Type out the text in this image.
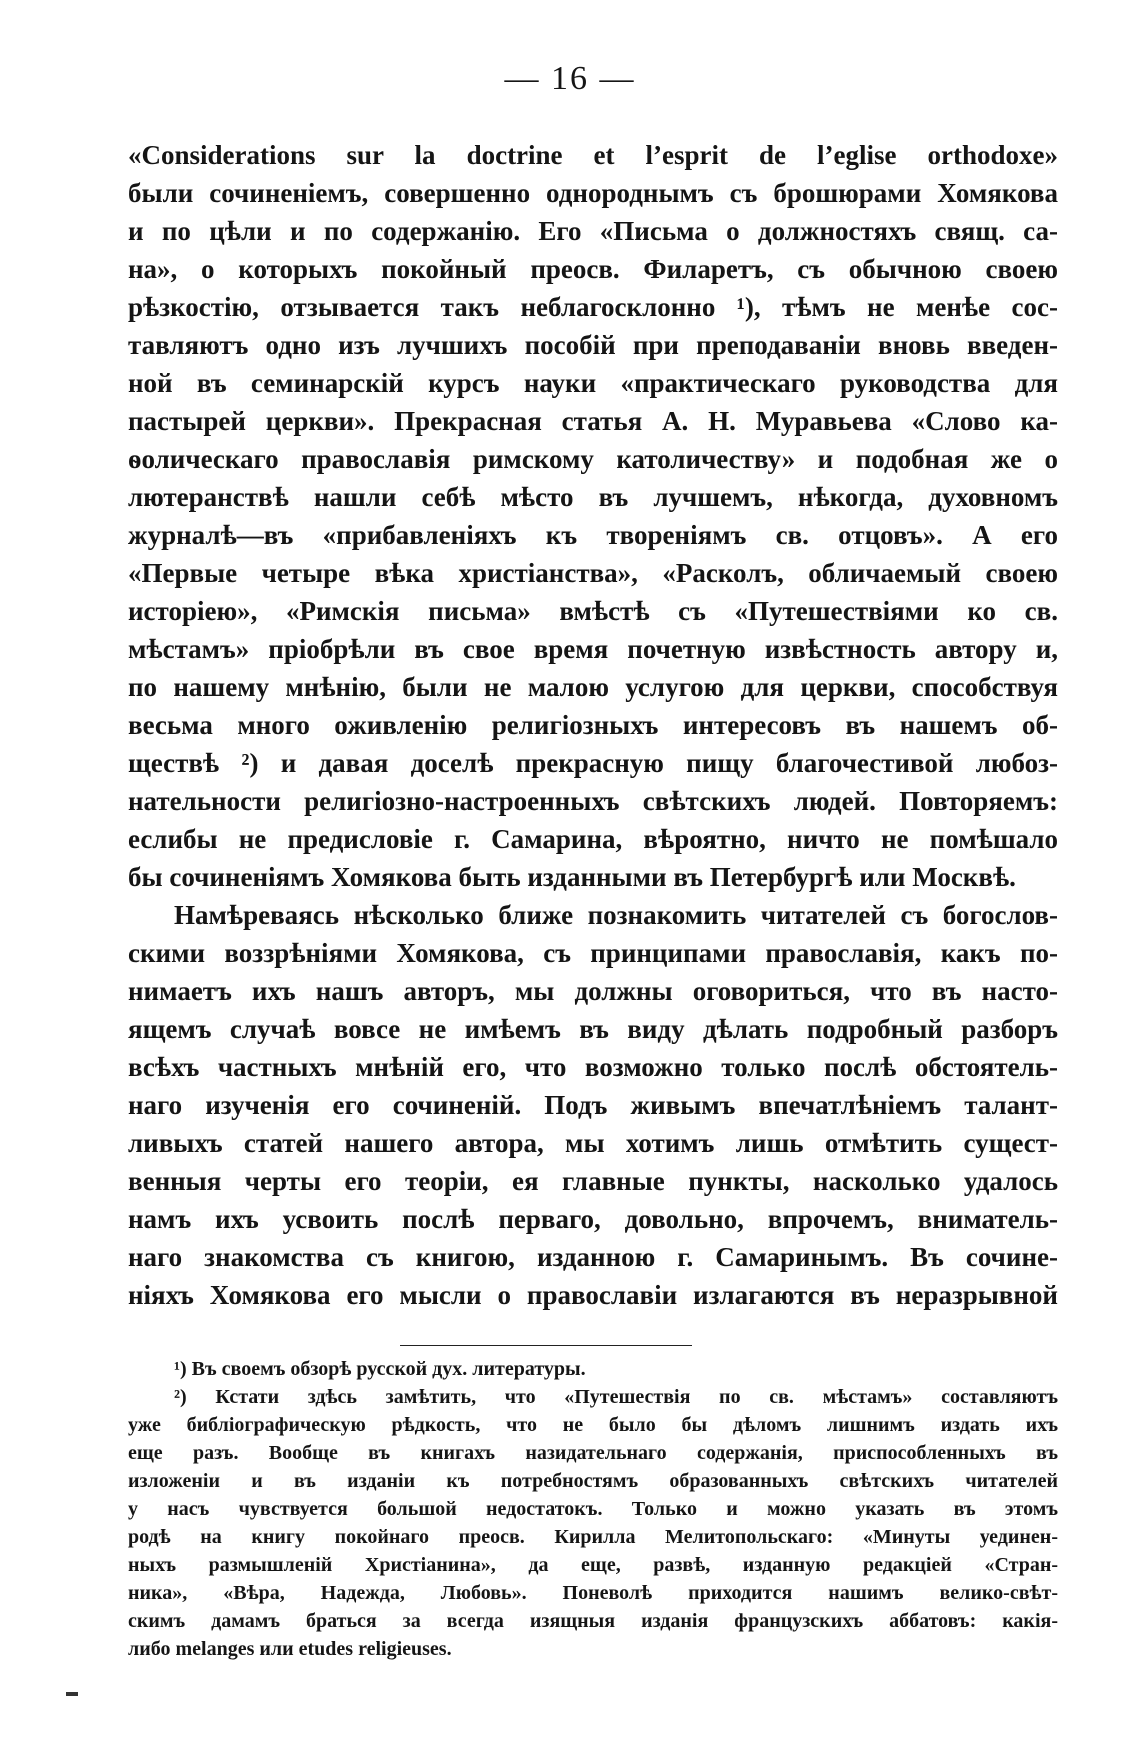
— 16 —
«Considerations sur la doctrine et l’esprit de l’eglise orthodoxe»
были сочиненіемъ, совершенно однороднымъ съ брошюрами Хомякова
и по цѣли и по содержанію. Его «Письма о должностяхъ свящ. са-
на», о которыхъ покойный преосв. Филаретъ, съ обычною своею
рѣзкостію, отзывается такъ неблагосклонно ¹), тѣмъ не менѣе сос-
тавляютъ одно изъ лучшихъ пособій при преподаваніи вновь введен-
ной въ семинарскій курсъ науки «практическаго руководства для
пастырей церкви». Прекрасная статья А. Н. Муравьева «Слово ка-
ѳолическаго православія римскому католичеству» и подобная же о
лютеранствѣ нашли себѣ мѣсто въ лучшемъ, нѣкогда, духовномъ
журналѣ—въ «прибавленіяхъ къ твореніямъ св. отцовъ». А его
«Первые четыре вѣка христіанства», «Расколъ, обличаемый своею
исторіею», «Римскія письма» вмѣстѣ съ «Путешествіями ко св.
мѣстамъ» пріобрѣли въ свое время почетную извѣстность автору и,
по нашему мнѣнію, были не малою услугою для церкви, способствуя
весьма много оживленію религіозныхъ интересовъ въ нашемъ об-
ществѣ ²) и давая доселѣ прекрасную пищу благочестивой любоз-
нательности религіозно-настроенныхъ свѣтскихъ людей. Повторяемъ:
еслибы не предисловіе г. Самарина, вѣроятно, ничто не помѣшало
бы сочиненіямъ Хомякова быть изданными въ Петербургѣ или Москвѣ.
Намѣреваясь нѣсколько ближе познакомить читателей съ богослов-
скими воззрѣніями Хомякова, съ принципами православія, какъ по-
нимаетъ ихъ нашъ авторъ, мы должны оговориться, что въ насто-
ящемъ случаѣ вовсе не имѣемъ въ виду дѣлать подробный разборъ
всѣхъ частныхъ мнѣній его, что возможно только послѣ обстоятель-
наго изученія его сочиненій. Подъ живымъ впечатлѣніемъ талант-
ливыхъ статей нашего автора, мы хотимъ лишь отмѣтить сущест-
венныя черты его теоріи, ея главные пункты, насколько удалось
намъ ихъ усвоить послѣ перваго, довольно, впрочемъ, вниматель-
наго знакомства съ книгою, изданною г. Самаринымъ. Въ сочине-
ніяхъ Хомякова его мысли о православіи излагаются въ неразрывной
¹) Въ своемъ обзорѣ русской дух. литературы.
²) Кстати здѣсь замѣтить, что «Путешествія по св. мѣстамъ» составляютъ
уже библіографическую рѣдкость, что не было бы дѣломъ лишнимъ издать ихъ
еще разъ. Вообще въ книгахъ назидательнаго содержанія, приспособленныхъ въ
изложеніи и въ изданіи къ потребностямъ образованныхъ свѣтскихъ читателей
у насъ чувствуется большой недостатокъ. Только и можно указать въ этомъ
родѣ на книгу покойнаго преосв. Кирилла Мелитопольскаго: «Минуты уединен-
ныхъ размышленій Христіанина», да еще, развѣ, изданную редакціей «Стран-
ника», «Вѣра, Надежда, Любовь». Поневолѣ приходится нашимъ велико-свѣт-
скимъ дамамъ браться за всегда изящныя изданія французскихъ аббатовъ: какія-
либо melanges или etudes religieuses.
